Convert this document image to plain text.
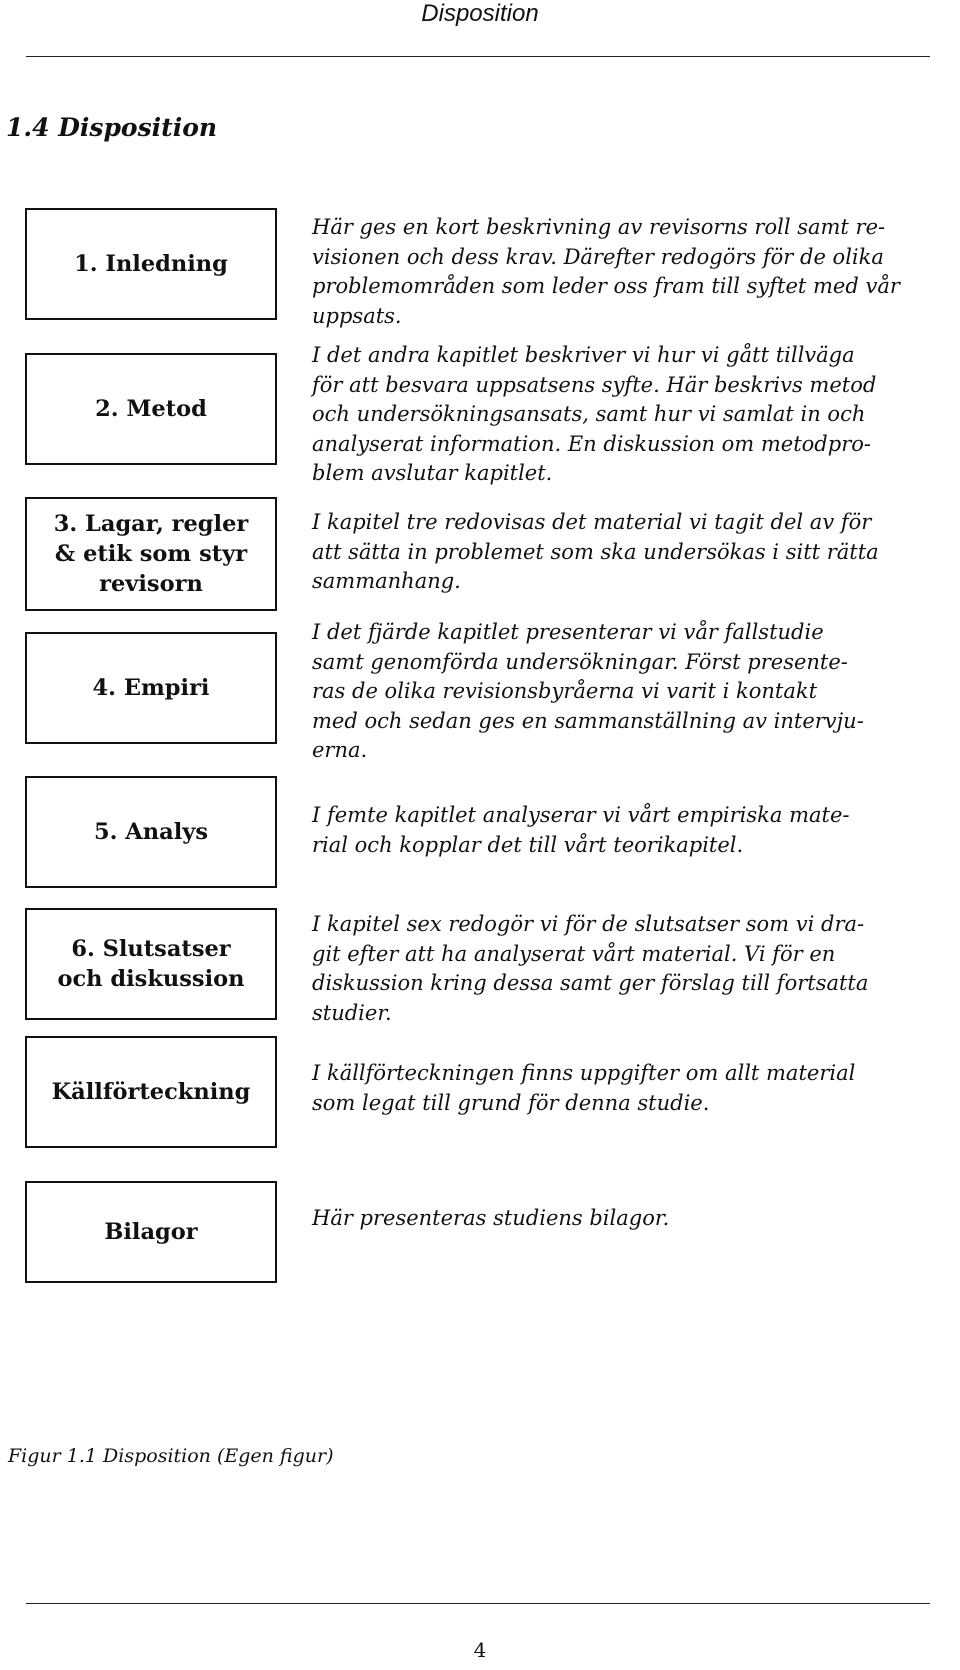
Disposition
1.4 Disposition
1. Inledning

Här ges en kort beskrivning av revisorns roll samt re-
visionen och dess krav. Därefter redogörs för de olika
problemområden som leder oss fram till syftet med vår
uppsats.

2. Metod

I det andra kapitlet beskriver vi hur vi gått tillväga
för att besvara uppsatsens syfte. Här beskrivs metod
och undersökningsansats, samt hur vi samlat in och
analyserat information. En diskussion om metodpro-
blem avslutar kapitlet.

3. Lagar, regler
& etik som styr
revisorn

I kapitel tre redovisas det material vi tagit del av för
att sätta in problemet som ska undersökas i sitt rätta
sammanhang.

4. Empiri

I det fjärde kapitlet presenterar vi vår fallstudie
samt genomförda undersökningar. Först presente-
ras de olika revisionsbyråerna vi varit i kontakt
med och sedan ges en sammanställning av intervju-
erna.

5. Analys

I femte kapitlet analyserar vi vårt empiriska mate-
rial och kopplar det till vårt teorikapitel.

6. Slutsatser
och diskussion

I kapitel sex redogör vi för de slutsatser som vi dra-
git efter att ha analyserat vårt material. Vi för en
diskussion kring dessa samt ger förslag till fortsatta
studier.

Källförteckning

I källförteckningen finns uppgifter om allt material
som legat till grund för denna studie.

Bilagor

Här presenteras studiens bilagor.

Figur 1.1 Disposition (Egen figur)

4
